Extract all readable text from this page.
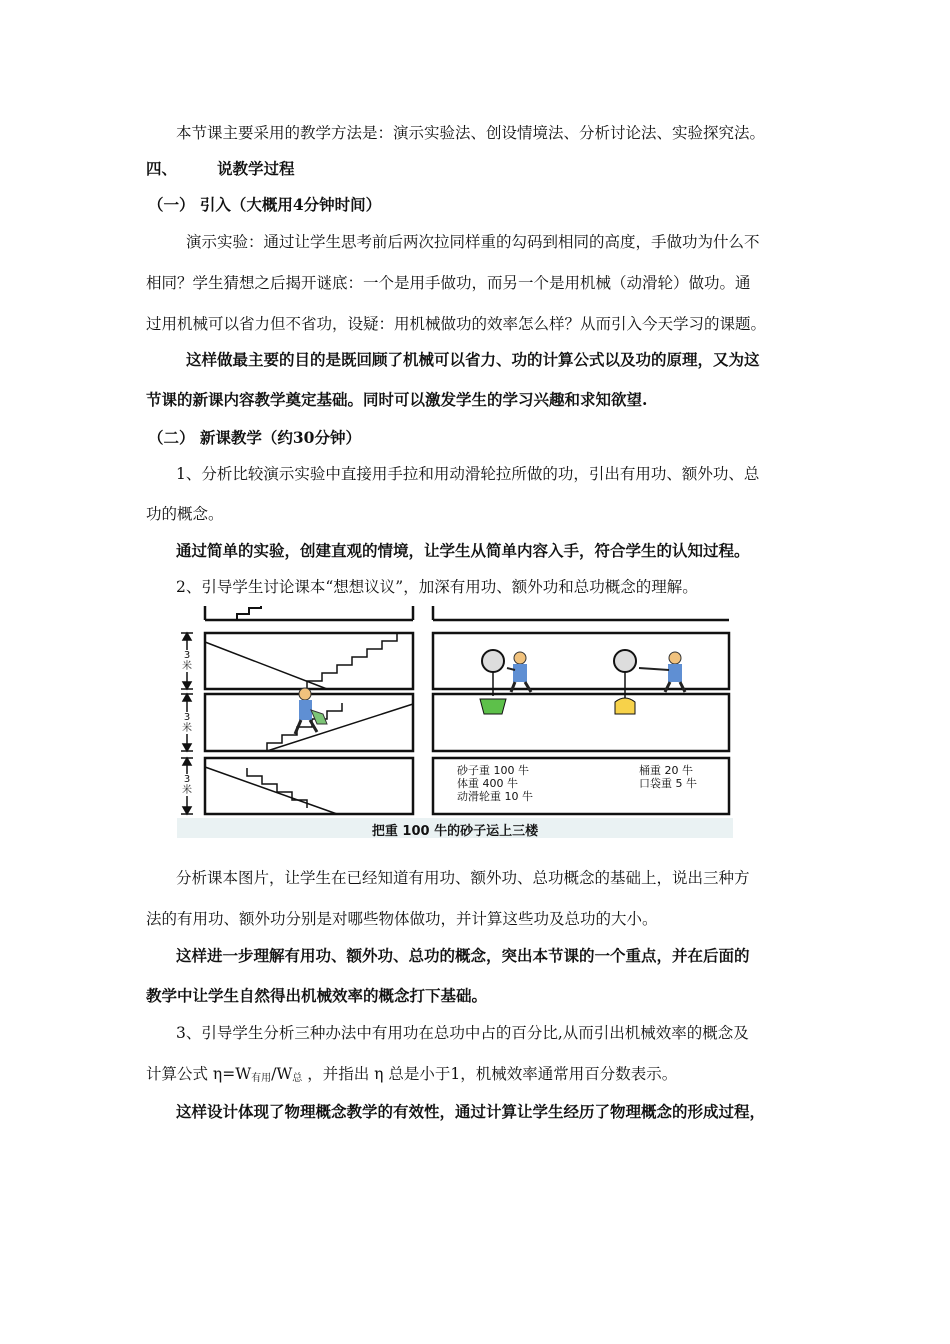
本节课主要采用的教学方法是：演示实验法、创设情境法、分析讨论法、实验探究法。

四、	说教学过程

（一） 引入（大概用4分钟时间）

演示实验：通过让学生思考前后两次拉同样重的勾码到相同的高度，手做功为什么不

相同？学生猜想之后揭开谜底：一个是用手做功，而另一个是用机械（动滑轮）做功。通

过用机械可以省力但不省功，设疑：用机械做功的效率怎么样？从而引入今天学习的课题。

这样做最主要的目的是既回顾了机械可以省力、功的计算公式以及功的原理，又为这

节课的新课内容教学奠定基础。同时可以激发学生的学习兴趣和求知欲望.

（二） 新课教学（约30分钟）

1、分析比较演示实验中直接用手拉和用动滑轮拉所做的功，引出有用功、额外功、总

功的概念。

通过简单的实验，创建直观的情境，让学生从简单内容入手，符合学生的认知过程。

2、引导学生讨论课本“想想议议”，加深有用功、额外功和总功概念的理解。

3米
3米
3米
砂子重 100 牛
体重 400 牛
动滑轮重 10 牛
桶重 20 牛
口袋重 5 牛
把重 100 牛的砂子运上三楼

分析课本图片，让学生在已经知道有用功、额外功、总功概念的基础上，说出三种方

法的有用功、额外功分别是对哪些物体做功，并计算这些功及总功的大小。

这样进一步理解有用功、额外功、总功的概念，突出本节课的一个重点，并在后面的

教学中让学生自然得出机械效率的概念打下基础。

3、引导学生分析三种办法中有用功在总功中占的百分比,从而引出机械效率的概念及

计算公式 $\eta=W_{有用}/W_总$ ，并指出 η 总是小于1，机械效率通常用百分数表示。

这样设计体现了物理概念教学的有效性，通过计算让学生经历了物理概念的形成过程，
